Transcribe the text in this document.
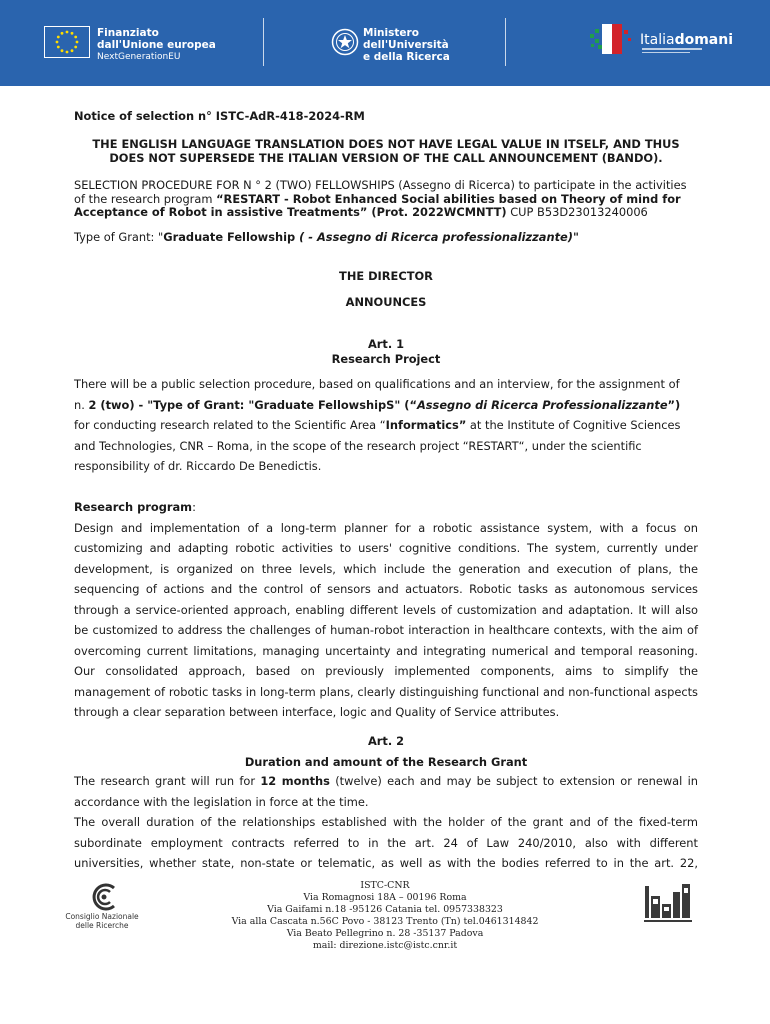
Finanziato
dall'Unione europea
NextGenerationEU
Ministero
dell'Università
e della Ricerca
Italiadomani

Notice of selection n° ISTC-AdR-418-2024-RM

THE ENGLISH LANGUAGE TRANSLATION DOES NOT HAVE LEGAL VALUE IN ITSELF, AND THUS

DOES NOT SUPERSEDE THE ITALIAN VERSION OF THE CALL ANNOUNCEMENT (BANDO).

SELECTION PROCEDURE FOR N ° 2 (TWO) FELLOWSHIPS (Assegno di Ricerca) to participate in the activities

of the research program “RESTART - Robot Enhanced Social abilities based on Theory of mind for

Acceptance of Robot in assistive Treatments” (Prot. 2022WCMNTT) CUP B53D23013240006

Type of Grant: "Graduate Fellowship ( - Assegno di Ricerca professionalizzante)"

THE DIRECTOR

ANNOUNCES

Art. 1

Research Project

There will be a public selection procedure, based on qualifications and an interview, for the assignment of

n. 2 (two) - "Type of Grant: "Graduate FellowshipS" (“Assegno di Ricerca Professionalizzante”)

for conducting research related to the Scientific Area “Informatics” at the Institute of Cognitive Sciences

and Technologies, CNR – Roma, in the scope of the research project “RESTART“, under the scientific

responsibility of dr. Riccardo De Benedictis.

Research program:

Design and implementation of a long-term planner for a robotic assistance system, with a focus on customizing and adapting robotic activities to users' cognitive conditions. The system, currently under development, is organized on three levels, which include the generation and execution of plans, the sequencing of actions and the control of sensors and actuators. Robotic tasks as autonomous services through a service-oriented approach, enabling different levels of customization and adaptation. It will also be customized to address the challenges of human-robot interaction in healthcare contexts, with the aim of overcoming current limitations, managing uncertainty and integrating numerical and temporal reasoning. Our consolidated approach, based on previously implemented components, aims to simplify the management of robotic tasks in long-term plans, clearly distinguishing functional and non-functional aspects through a clear separation between interface, logic and Quality of Service attributes.

Art. 2

Duration and amount of the Research Grant

The research grant will run for 12 months (twelve) each and may be subject to extension or renewal in accordance with the legislation in force at the time.

The overall duration of the relationships established with the holder of the grant and of the fixed-term subordinate employment contracts referred to in the art. 24 of Law 240/2010, also with different universities, whether state, non-state or telematic, as well as with the bodies referred to in the art. 22,

Consiglio Nazionale
delle Ricerche
ISTC-CNR
Via Romagnosi 18A – 00196 Roma
Via Gaifami n.18 -95126 Catania tel. 0957338323
Via alla Cascata n.56C Povo - 38123 Trento (Tn) tel.0461314842
Via Beato Pellegrino n. 28 -35137 Padova
mail: direzione.istc@istc.cnr.it
